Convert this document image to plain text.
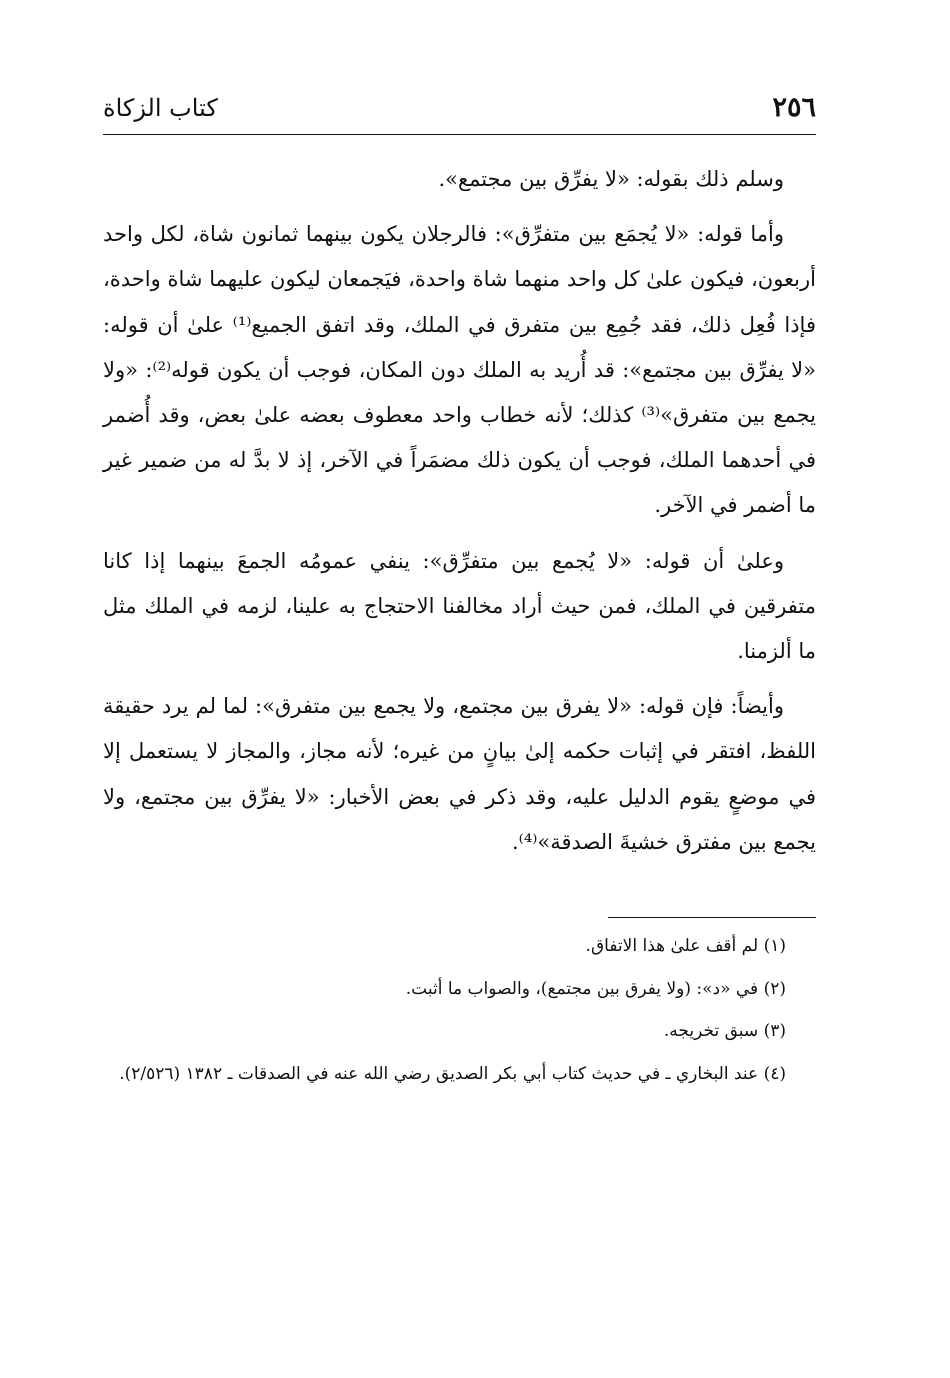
٢٥٦
كتاب الزكاة

وسلم ذلك بقوله: «لا يفرِّق بين مجتمع».

وأما قوله: «لا يُجمَع بين متفرِّق»: فالرجلان يكون بينهما ثمانون شاة، لكل واحد أربعون، فيكون علىٰ كل واحد منهما شاة واحدة، فيَجمعان ليكون عليهما شاة واحدة، فإذا فُعِل ذلك، فقد جُمِع بين متفرق في الملك، وقد اتفق الجميع⁽¹⁾ علىٰ أن قوله: «لا يفرِّق بين مجتمع»: قد أُريد به الملك دون المكان، فوجب أن يكون قوله⁽²⁾: «ولا يجمع بين متفرق»⁽³⁾ كذلك؛ لأنه خطاب واحد معطوف بعضه علىٰ بعض، وقد أُضمر في أحدهما الملك، فوجب أن يكون ذلك مضمَراً في الآخر، إذ لا بدَّ له من ضمير غير ما أضمر في الآخر.

وعلىٰ أن قوله: «لا يُجمع بين متفرِّق»: ينفي عمومُه الجمعَ بينهما إذا كانا متفرقين في الملك، فمن حيث أراد مخالفنا الاحتجاج به علينا، لزمه في الملك مثل ما ألزمنا.

وأيضاً: فإن قوله: «لا يفرق بين مجتمع، ولا يجمع بين متفرق»: لما لم يرد حقيقة اللفظ، افتقر في إثبات حكمه إلىٰ بيانٍ من غيره؛ لأنه مجاز، والمجاز لا يستعمل إلا في موضعٍ يقوم الدليل عليه، وقد ذكر في بعض الأخبار: «لا يفرِّق بين مجتمع، ولا يجمع بين مفترق خشيةَ الصدقة»⁽⁴⁾.

(١) لم أقف علىٰ هذا الاتفاق.

(٢) في «د»: (ولا يفرق بين مجتمع)، والصواب ما أثبت.

(٣) سبق تخريجه.

(٤) عند البخاري ـ في حديث كتاب أبي بكر الصديق رضي الله عنه في الصدقات ـ ١٣٨٢ (٢/٥٢٦).
